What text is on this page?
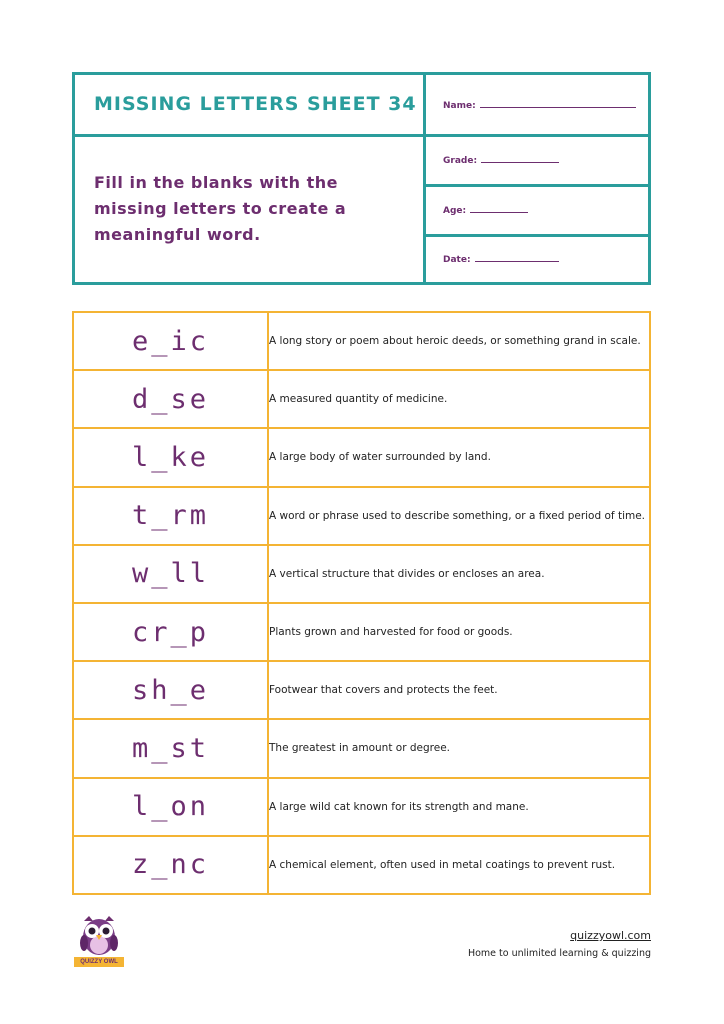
MISSING LETTERS SHEET 34
Fill in the blanks with the missing letters to create a meaningful word.
Name:
Grade:
Age:
Date:
e_ic	A long story or poem about heroic deeds, or something grand in scale.
d_se	A measured quantity of medicine.
l_ke	A large body of water surrounded by land.
t_rm	A word or phrase used to describe something, or a fixed period of time.
w_ll	A vertical structure that divides or encloses an area.
cr_p	Plants grown and harvested for food or goods.
sh_e	Footwear that covers and protects the feet.
m_st	The greatest in amount or degree.
l_on	A large wild cat known for its strength and mane.
z_nc	A chemical element, often used in metal coatings to prevent rust.
QUIZZY OWL
quizzyowl.com
Home to unlimited learning & quizzing
